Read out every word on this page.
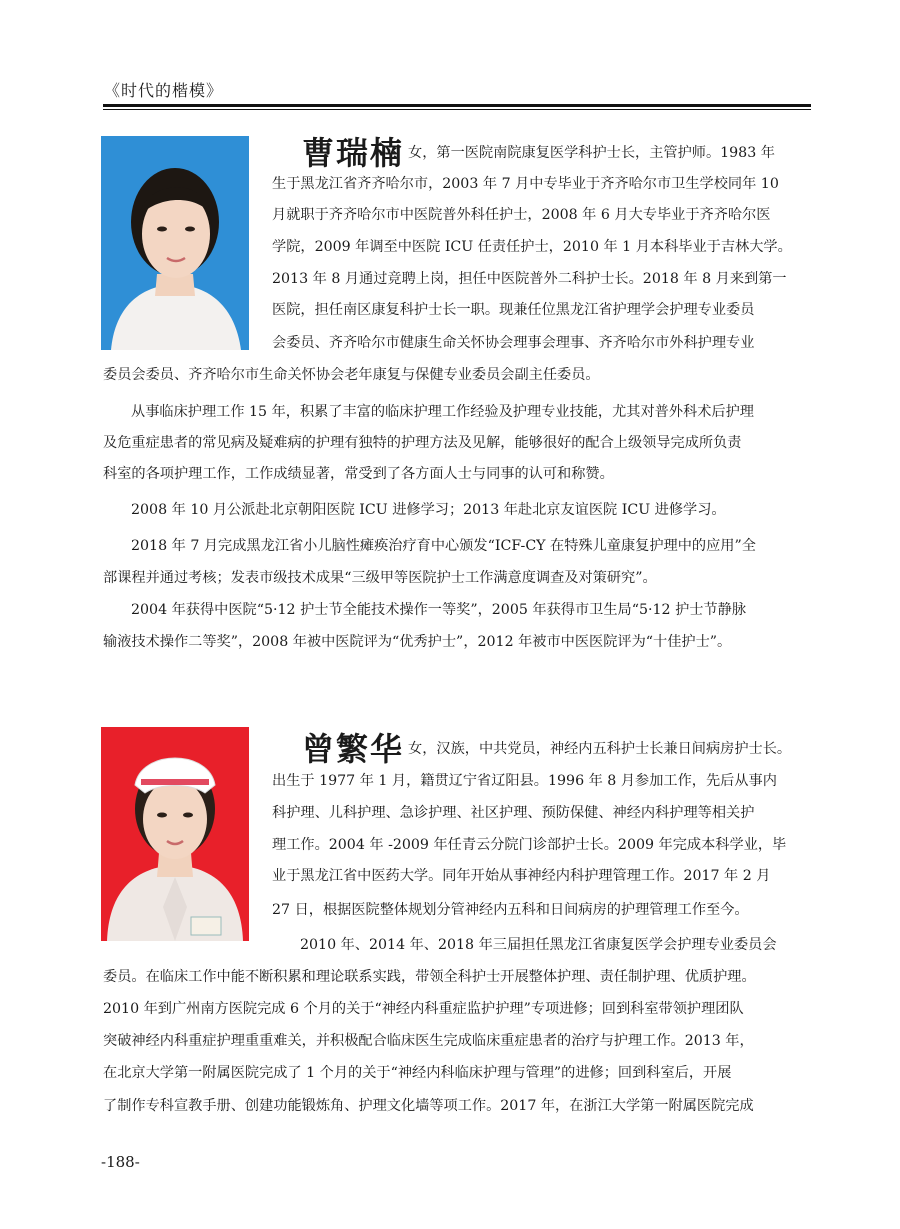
《时代的楷模》
曹瑞楠 女，第一医院南院康复医学科护士长，主管护师。1983 年
生于黑龙江省齐齐哈尔市，2003 年 7 月中专毕业于齐齐哈尔市卫生学校同年 10
月就职于齐齐哈尔市中医院普外科任护士，2008 年 6 月大专毕业于齐齐哈尔医
学院，2009 年调至中医院 ICU 任责任护士，2010 年 1 月本科毕业于吉林大学。
2013 年 8 月通过竞聘上岗，担任中医院普外二科护士长。2018 年 8 月来到第一
医院，担任南区康复科护士长一职。现兼任位黑龙江省护理学会护理专业委员
会委员、齐齐哈尔市健康生命关怀协会理事会理事、齐齐哈尔市外科护理专业
委员会委员、齐齐哈尔市生命关怀协会老年康复与保健专业委员会副主任委员。
从事临床护理工作 15 年，积累了丰富的临床护理工作经验及护理专业技能，尤其对普外科术后护理
及危重症患者的常见病及疑难病的护理有独特的护理方法及见解，能够很好的配合上级领导完成所负责
科室的各项护理工作，工作成绩显著，常受到了各方面人士与同事的认可和称赞。
2008 年 10 月公派赴北京朝阳医院 ICU 进修学习；2013 年赴北京友谊医院 ICU 进修学习。
2018 年 7 月完成黑龙江省小儿脑性瘫痪治疗育中心颁发“ICF-CY 在特殊儿童康复护理中的应用”全
部课程并通过考核；发表市级技术成果“三级甲等医院护士工作满意度调查及对策研究”。
2004 年获得中医院“5·12 护士节全能技术操作一等奖”，2005 年获得市卫生局“5·12 护士节静脉
输液技术操作二等奖”，2008 年被中医院评为“优秀护士”，2012 年被市中医医院评为“十佳护士”。
曾繁华 女，汉族，中共党员，神经内五科护士长兼日间病房护士长。
出生于 1977 年 1 月，籍贯辽宁省辽阳县。1996 年 8 月参加工作，先后从事内
科护理、儿科护理、急诊护理、社区护理、预防保健、神经内科护理等相关护
理工作。2004 年 -2009 年任青云分院门诊部护士长。2009 年完成本科学业，毕
业于黑龙江省中医药大学。同年开始从事神经内科护理管理工作。2017 年 2 月
27 日，根据医院整体规划分管神经内五科和日间病房的护理管理工作至今。
2010 年、2014 年、2018 年三届担任黑龙江省康复医学会护理专业委员会
委员。在临床工作中能不断积累和理论联系实践，带领全科护士开展整体护理、责任制护理、优质护理。
2010 年到广州南方医院完成 6 个月的关于“神经内科重症监护护理”专项进修；回到科室带领护理团队
突破神经内科重症护理重重难关，并积极配合临床医生完成临床重症患者的治疗与护理工作。2013 年，
在北京大学第一附属医院完成了 1 个月的关于“神经内科临床护理与管理”的进修；回到科室后，开展
了制作专科宣教手册、创建功能锻炼角、护理文化墙等项工作。2017 年，在浙江大学第一附属医院完成
-188-
